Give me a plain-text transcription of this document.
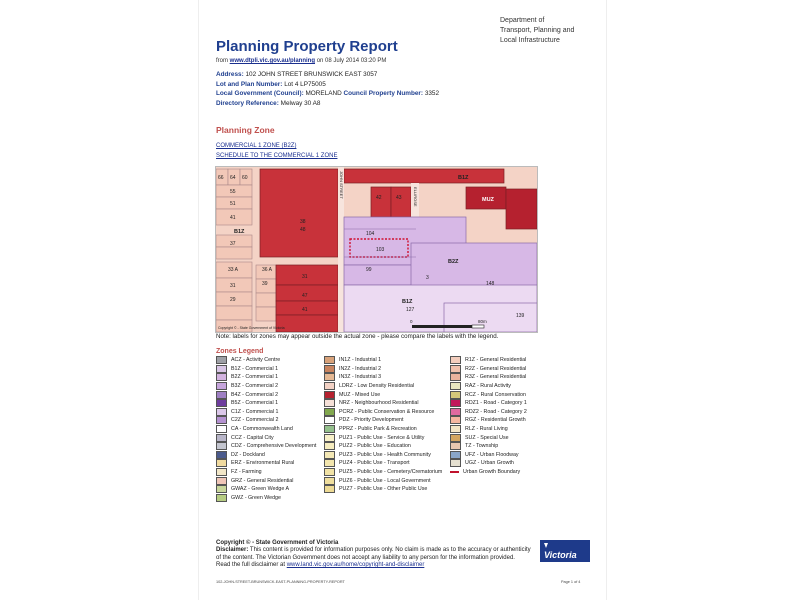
Department of
Transport, Planning and
Local Infrastructure
Planning Property Report
from www.dtpli.vic.gov.au/planning on 08 July 2014 03:20 PM
Address: 102 JOHN STREET BRUNSWICK EAST 3057
Lot and Plan Number: Lot 4 LP75005
Local Government (Council): MORELAND Council Property Number: 3352
Directory Reference: Melway 30 A8
Planning Zone
COMMERCIAL 1 ZONE (B2Z)
SCHEDULE TO THE COMMERCIAL 1 ZONE
66 64 60
55
51
41
B1Z
37
33 A
31
29
36 A
39
38
48
31
47
41
104
103
99
3
148
127
139
42	43
B1Z
MUZ
B2Z
B1Z
JOHN STREET	ELLIROSE
Copyright © - State Government of Victoria
0	80m
Note: labels for zones may appear outside the actual zone - please compare the labels with the legend.
Zones Legend
ACZ - Activity Centre
B1Z - Commercial 1
B2Z - Commercial 1
B3Z - Commercial 2
B4Z - Commercial 2
B5Z - Commercial 1
C1Z - Commercial 1
C2Z - Commercial 2
CA - Commonwealth Land
CCZ - Capital City
CDZ - Comprehensive Development
DZ - Dockland
ERZ - Environmental Rural
FZ - Farming
GRZ - General Residential
GWAZ - Green Wedge A
GWZ - Green Wedge
IN1Z - Industrial 1
IN2Z - Industrial 2
IN3Z - Industrial 3
LDRZ - Low Density Residential
MUZ - Mixed Use
NRZ - Neighbourhood Residential
PCRZ - Public Conservation & Resource
PDZ - Priority Development
PPRZ - Public Park & Recreation
PUZ1 - Public Use - Service & Utility
PUZ2 - Public Use - Education
PUZ3 - Public Use - Health Community
PUZ4 - Public Use - Transport
PUZ5 - Public Use - Cemetery/Crematorium
PUZ6 - Public Use - Local Government
PUZ7 - Public Use - Other Public Use
R1Z - General Residential
R2Z - General Residential
R3Z - General Residential
RAZ - Rural Activity
RCZ - Rural Conservation
RDZ1 - Road - Category 1
RDZ2 - Road - Category 2
RGZ - Residential Growth
RLZ - Rural Living
SUZ - Special Use
TZ - Township
UFZ - Urban Floodway
UGZ - Urban Growth
Urban Growth Boundary
Copyright © - State Government of Victoria
Disclaimer: This content is provided for information purposes only. No claim is made as to the accuracy or authenticity of the content. The Victorian Government does not accept any liability to any person for the information provided.
Read the full disclaimer at www.land.vic.gov.au/home/copyright-and-disclaimer
Victoria
102-JOHN-STREET-BRUNSWICK-EAST-PLANNING-PROPERTY-REPORT	Page 1 of 4
